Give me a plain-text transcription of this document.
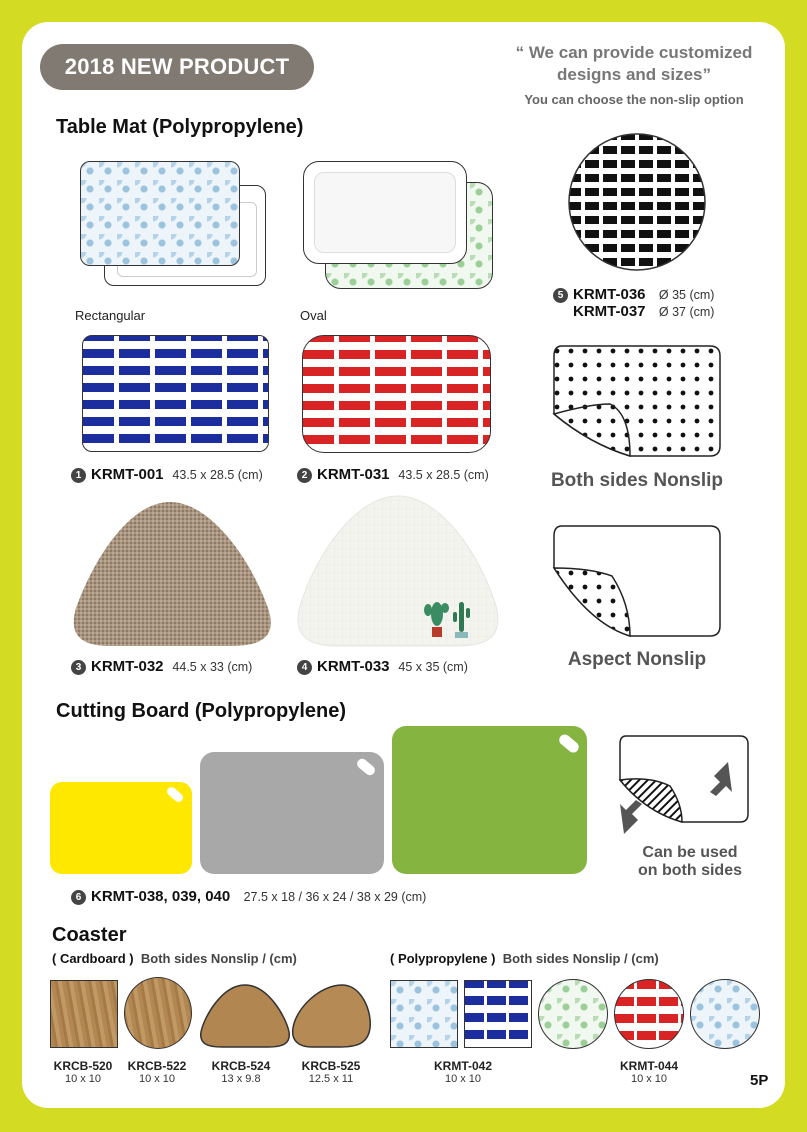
2018 NEW PRODUCT
“ We can provide customized
designs and sizes”
You can choose the non-slip option
Table Mat (Polypropylene)
Rectangular	Oval
1 KRMT-001 43.5 x 28.5 (cm)	2 KRMT-031 43.5 x 28.5 (cm)
3 KRMT-032 44.5 x 33 (cm)	4 KRMT-033 45 x 35 (cm)
5 KRMT-036 Ø 35 (cm)
KRMT-037 Ø 37 (cm)
Both sides Nonslip
Aspect Nonslip
Cutting Board (Polypropylene)
Can be used
on both sides
6 KRMT-038, 039, 040 27.5 x 18 / 36 x 24 / 38 x 29 (cm)
Coaster
( Cardboard ) Both sides Nonslip / (cm)	( Polypropylene ) Both sides Nonslip / (cm)
KRCB-520
10 x 10
KRCB-522
10 x 10
KRCB-524
13 x 9.8
KRCB-525
12.5 x 11
KRMT-042
10 x 10
KRMT-044
10 x 10	5P
